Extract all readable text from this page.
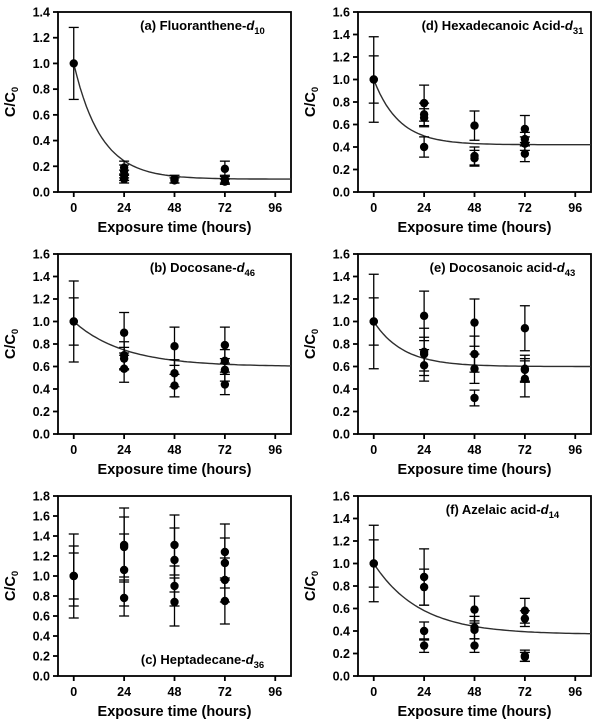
0	24	48	72	96
0.0
0.2
0.4
0.6
0.8
1.0
1.2
1.4
Exposure time (hours)
$C/C_0$
(a) Fluoranthene-$d_{10}$
0	24	48	72	96
0.0
0.2
0.4
0.6
0.8
1.0
1.2
1.4
1.6
Exposure time (hours)
$C/C_0$
(d) Hexadecanoic Acid-$d_{31}$
0	24	48	72	96
0.0
0.2
0.4
0.6
0.8
1.0
1.2
1.4
1.6
Exposure time (hours)
$C/C_0$
(b) Docosane-$d_{46}$
0	24	48	72	96
0.0
0.2
0.4
0.6
0.8
1.0
1.2
1.4
1.6
Exposure time (hours)
$C/C_0$
(e) Docosanoic acid-$d_{43}$
0	24	48	72	96
0.0
0.2
0.4
0.6
0.8
1.0
1.2
1.4
1.6
1.8
Exposure time (hours)
$C/C_0$
(c) Heptadecane-$d_{36}$
0	24	48	72	96
0.0
0.2
0.4
0.6
0.8
1.0
1.2
1.4
1.6
Exposure time (hours)
$C/C_0$
(f) Azelaic acid-$d_{14}$
